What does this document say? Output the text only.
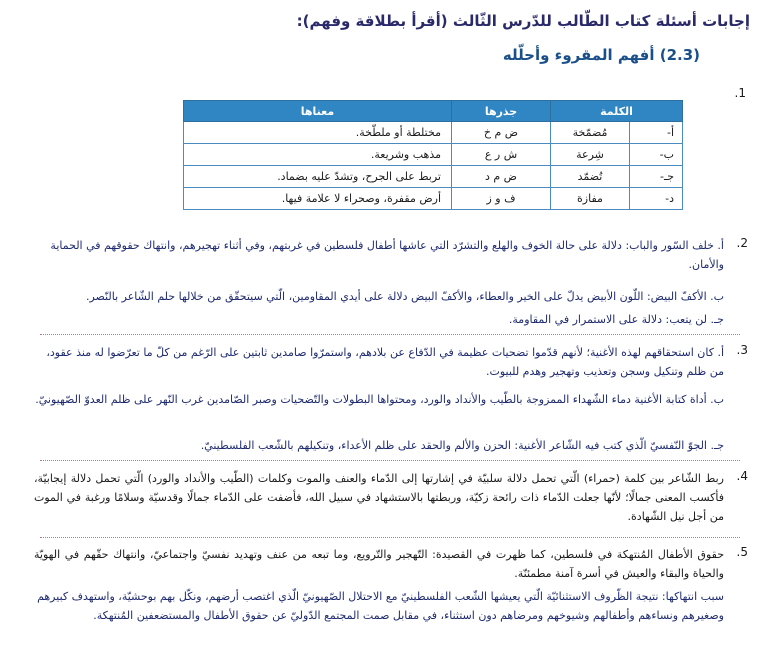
إجابات أسئلة كتاب الطّالب للدّرس الثّالث (أقرأ بطلاقة وفهم):
(2.3) أفهم المقروء وأحلّله
1.
الكلمة		جذرها	معناها
أ-	مُضمّخة	ض م خ	مختلطة أو ملطّخة.
ب-	شِرعة	ش ر ع	مذهب وشريعة.
جـ-	تُضمّد	ض م د	تربط على الجرح، وتشدّ عليه بضماد.
د-	مفازة	ف و ز	أرض مقفرة، وصحراء لا علامة فيها.
2.
أ. خلف السّور والباب: دلالة على حالة الخوف والهلع والتشرّد التي عاشها أطفال فلسطين في غربتهم، وفي أثناء تهجيرهم، وانتهاك حقوقهم في الحماية والأمان.
ب. الأكفّ البيض: اللّون الأبيض يدلّ على الخير والعطاء، والأكفّ البيض دلالة على أيدي المقاومين، الّتي سيتحقّق من خلالها حلم الشّاعر بالنّصر.
جـ. لن يتعب: دلالة على الاستمرار في المقاومة.
3.
أ. كان استحقاقهم لهذه الأغنية؛ لأنهم قدّموا تضحيات عظيمة في الدّفاع عن بلادهم، واستمرّوا صامدين ثابتين على الرّغم من كلّ ما تعرّضوا له منذ عقود، من ظلم وتنكيل وسجن وتعذيب وتهجير وهدم للبيوت.
ب. أداة كتابة الأغنية دماء الشّهداء الممزوجة بالطّيب والأنداد والورد، ومحتواها البطولات والتّضحيات وصبر الصّامدين غرب النّهر على ظلم العدوّ الصّهيونيّ.
جـ. الجوّ النّفسيّ الّذي كتب فيه الشّاعر الأغنية: الحزن والألم والحقد على ظلم الأعداء، وتنكيلهم بالشّعب الفلسطينيّ.
4.
ربط الشّاعر بين كلمة (حمراء) الّتي تحمل دلالة سلبيّة في إشارتها إلى الدّماء والعنف والموت وكلمات (الطّيب والأنداد والورد) الّتي تحمل دلالة إيجابيّة، فأكسب المعنى جمالًا؛ لأنّها جعلت الدّماء ذات رائحة زكيّة، وربطتها بالاستشهاد في سبيل الله، فأضفت على الدّماء جمالًا وقدسيّة وسلامًا ورغبة في الموت من أجل نيل الشّهادة.
5.
حقوق الأطفال المُنتهكة في فلسطين، كما ظهرت في القصيدة: التّهجير والتّرويع، وما تبعه من عنف وتهديد نفسيّ واجتماعيّ، وانتهاك حقّهم في الهويّة والحياة والبقاء والعيش في أسرة آمنة مطمئنّة.
سبب انتهاكها: نتيجة الظّروف الاستثنائيّة الّتي يعيشها الشّعب الفلسطينيّ مع الاحتلال الصّهيونيّ الّذي اغتصب أرضهم، ونكّل بهم بوحشيّة، واستهدف كبيرهم وصغيرهم ونساءهم وأطفالهم وشيوخهم ومرضاهم دون استثناء، في مقابل صمت المجتمع الدّوليّ عن حقوق الأطفال والمستضعفين المُنتهكة.
